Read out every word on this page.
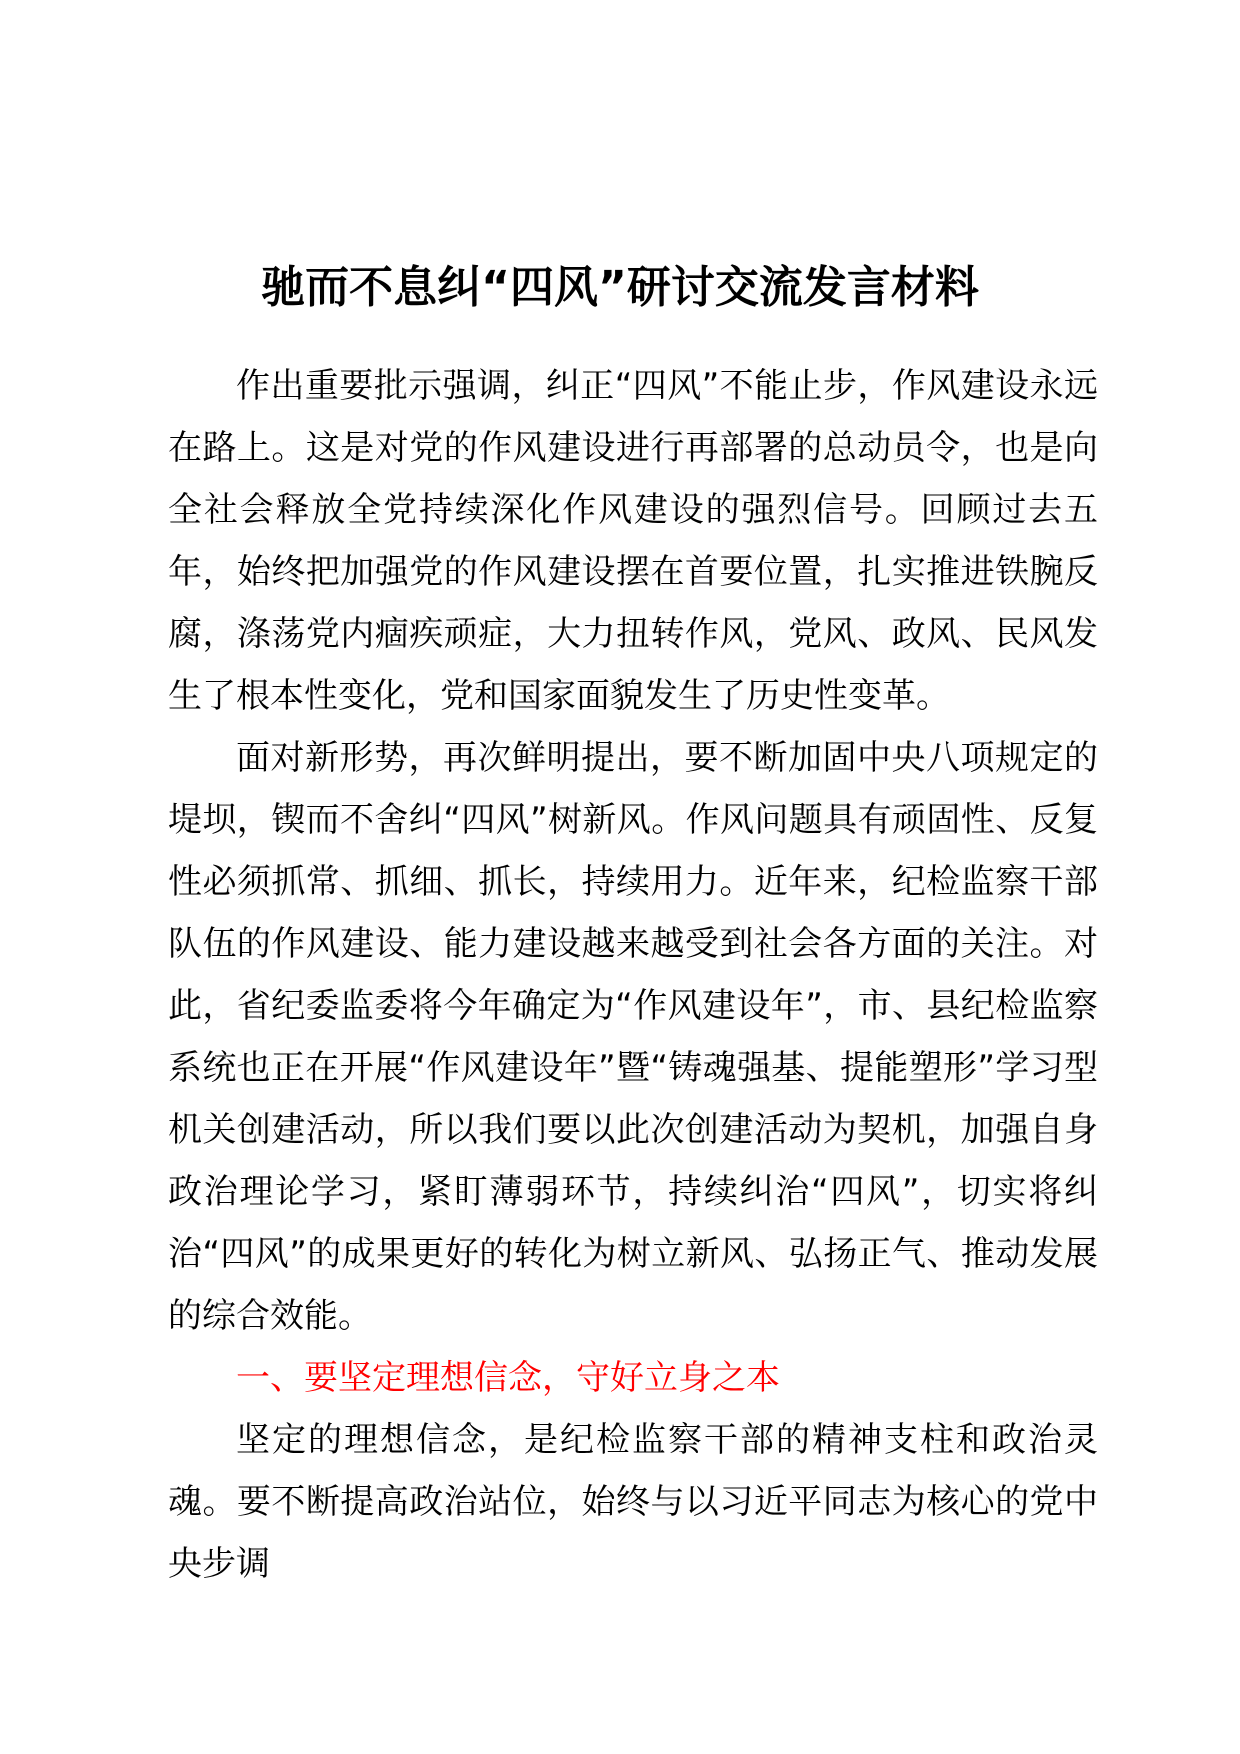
驰而不息纠“四风”研讨交流发言材料

作出重要批示强调，纠正“四风”不能止步，作风建设永远在路上。这是对党的作风建设进行再部署的总动员令，也是向全社会释放全党持续深化作风建设的强烈信号。回顾过去五年，始终把加强党的作风建设摆在首要位置，扎实推进铁腕反腐，涤荡党内痼疾顽症，大力扭转作风，党风、政风、民风发生了根本性变化，党和国家面貌发生了历史性变革。

面对新形势，再次鲜明提出，要不断加固中央八项规定的堤坝，锲而不舍纠“四风”树新风。作风问题具有顽固性、反复性必须抓常、抓细、抓长，持续用力。近年来，纪检监察干部队伍的作风建设、能力建设越来越受到社会各方面的关注。对此，省纪委监委将今年确定为“作风建设年”，市、县纪检监察系统也正在开展“作风建设年”暨“铸魂强基、提能塑形”学习型机关创建活动，所以我们要以此次创建活动为契机，加强自身政治理论学习，紧盯薄弱环节，持续纠治“四风”，切实将纠治“四风”的成果更好的转化为树立新风、弘扬正气、推动发展的综合效能。

一、要坚定理想信念，守好立身之本

坚定的理想信念，是纪检监察干部的精神支柱和政治灵魂。要不断提高政治站位，始终与以习近平同志为核心的党中央步调
